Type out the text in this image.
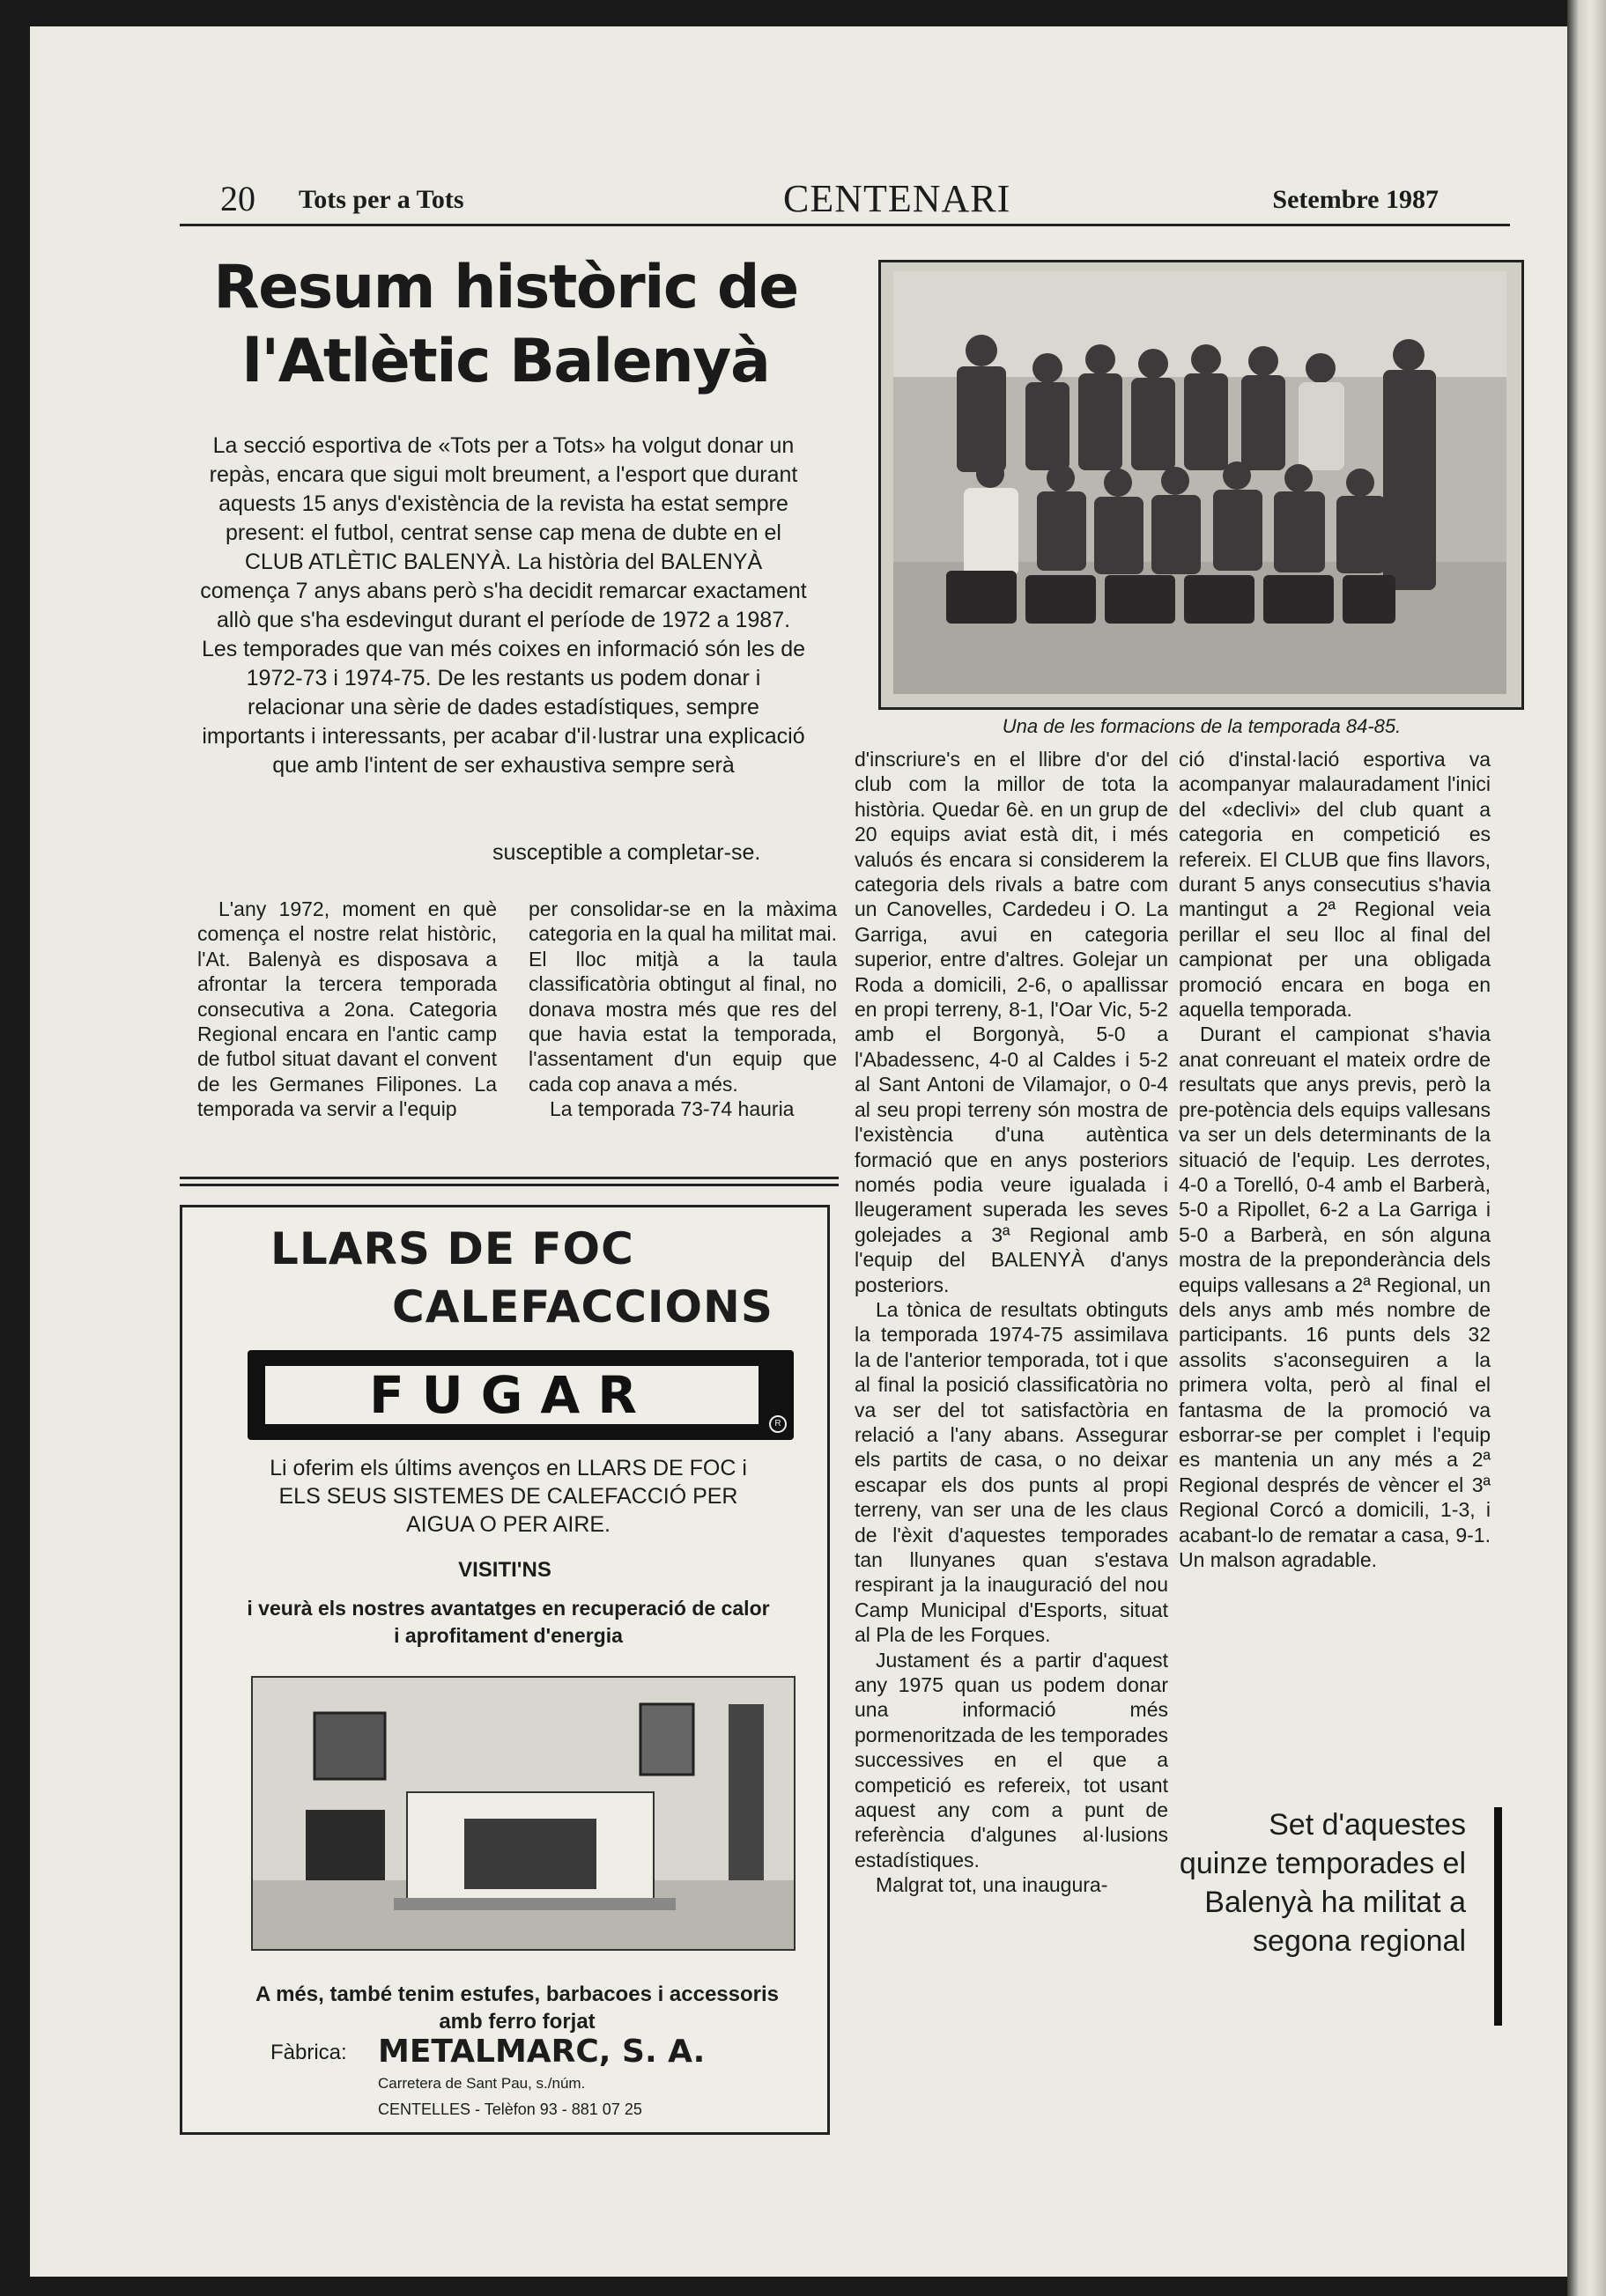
20 Tots per a Tots	CENTENARI	Setembre 1987
Resum històric de l'Atlètic Balenyà
La secció esportiva de «Tots per a Tots» ha volgut donar un repàs, encara que sigui molt breument, a l'esport que durant aquests 15 anys d'existència de la revista ha estat sempre present: el futbol, centrat sense cap mena de dubte en el CLUB ATLÈTIC BALENYÀ. La història del BALENYÀ comença 7 anys abans però s'ha decidit remarcar exactament allò que s'ha esdevingut durant el període de 1972 a 1987. Les temporades que van més coixes en informació són les de 1972-73 i 1974-75. De les restants us podem donar i relacionar una sèrie de dades estadístiques, sempre importants i interessants, per acabar d'il·lustrar una explicació que amb l'intent de ser exhaustiva sempre serà
susceptible a completar-se.

L'any 1972, moment en què comença el nostre relat històric, l'At. Balenyà es disposava a afrontar la tercera temporada consecutiva a 2ona. Categoria Regional encara en l'antic camp de futbol situat davant el convent de les Germanes Filipones. La temporada va servir a l'equip

per consolidar-se en la màxima categoria en la qual ha militat mai. El lloc mitjà a la taula classificatòria obtingut al final, no donava mostra més que res del que havia estat la temporada, l'assentament d'un equip que cada cop anava a més.

La temporada 73-74 hauria

Una de les formacions de la temporada 84-85.

d'inscriure's en el llibre d'or del club com la millor de tota la història. Quedar 6è. en un grup de 20 equips aviat està dit, i més valuós és encara si considerem la categoria dels rivals a batre com un Canovelles, Cardedeu i O. La Garriga, avui en categoria superior, entre d'altres. Golejar un Roda a domicili, 2-6, o apallissar en propi terreny, 8-1, l'Oar Vic, 5-2 amb el Borgonyà, 5-0 a l'Abadessenc, 4-0 al Caldes i 5-2 al Sant Antoni de Vilamajor, o 0-4 al seu propi terreny són mostra de l'existència d'una autèntica formació que en anys posteriors només podia veure igualada i lleugerament superada les seves golejades a 3ª Regional amb l'equip del BALENYÀ d'anys posteriors.

La tònica de resultats obtinguts la temporada 1974-75 assimilava la de l'anterior temporada, tot i que al final la posició classificatòria no va ser del tot satisfactòria en relació a l'any abans. Assegurar els partits de casa, o no deixar escapar els dos punts al propi terreny, van ser una de les claus de l'èxit d'aquestes temporades tan llunyanes quan s'estava respirant ja la inauguració del nou Camp Municipal d'Esports, situat al Pla de les Forques.

Justament és a partir d'aquest any 1975 quan us podem donar una informació més pormenoritzada de les temporades successives en el que a competició es refereix, tot usant aquest any com a punt de referència d'algunes al·lusions estadístiques.

Malgrat tot, una inaugura-

ció d'instal·lació esportiva va acompanyar malauradament l'inici del «declivi» del club quant a categoria en competició es refereix. El CLUB que fins llavors, durant 5 anys consecutius s'havia mantingut a 2ª Regional veia perillar el seu lloc al final del campionat per una obligada promoció encara en boga en aquella temporada.

Durant el campionat s'havia anat conreuant el mateix ordre de resultats que anys previs, però la pre-potència dels equips vallesans va ser un dels determinants de la situació de l'equip. Les derrotes, 4-0 a Torelló, 0-4 amb el Barberà, 5-0 a Ripollet, 6-2 a La Garriga i 5-0 a Barberà, en són alguna mostra de la preponderància dels equips vallesans a 2ª Regional, un dels anys amb més nombre de participants. 16 punts dels 32 assolits s'aconseguiren a la primera volta, però al final el fantasma de la promoció va esborrar-se per complet i l'equip es mantenia un any més a 2ª Regional després de vèncer el 3ª Regional Corcó a domicili, 1-3, i acabant-lo de rematar a casa, 9-1. Un malson agradable.

Set d'aquestes quinze temporades el Balenyà ha militat a segona regional
LLARS DE FOC
CALEFACCIONS
FUGAR	R
Li oferim els últims avenços en LLARS DE FOC i ELS SEUS SISTEMES DE CALEFACCIÓ PER AIGUA O PER AIRE.
VISITI'NS
i veurà els nostres avantatges en recuperació de calor i aprofitament d'energia
A més, també tenim estufes, barbacoes i accessoris amb ferro forjat
Fàbrica: METALMARC, S. A.
Carretera de Sant Pau, s./núm.
CENTELLES - Telèfon 93 - 881 07 25
